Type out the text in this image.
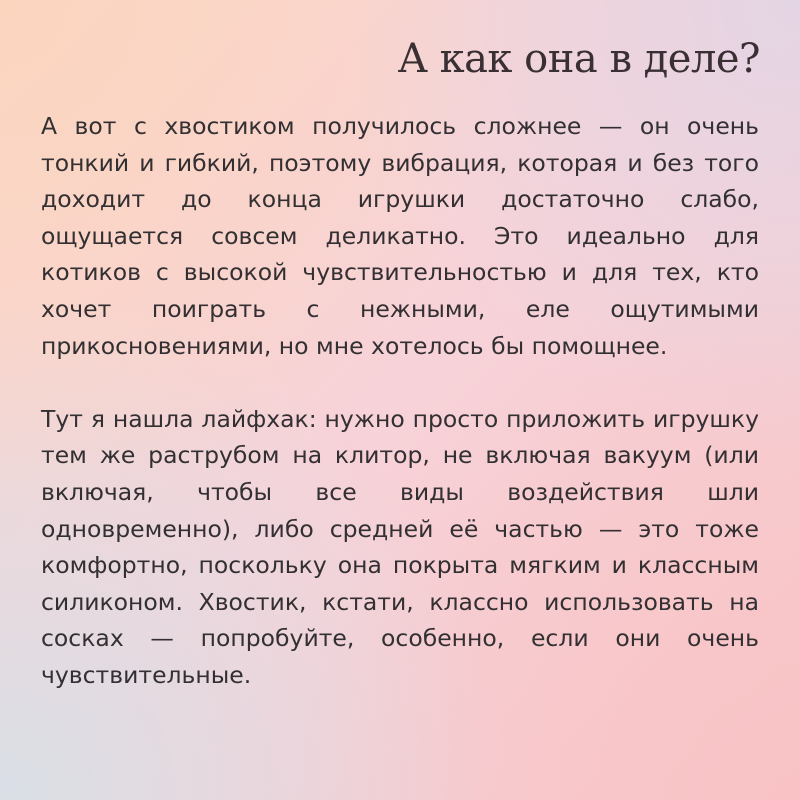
А как она в деле?

А вот с хвостиком получилось сложнее — он очень тонкий и гибкий, поэтому вибрация, которая и без того доходит до конца игрушки достаточно слабо, ощущается совсем деликатно. Это идеально для котиков с высокой чувствительностью и для тех, кто хочет поиграть с нежными, еле ощутимыми прикосновениями, но мне хотелось бы помощнее.

Тут я нашла лайфхак: нужно просто приложить игрушку тем же раструбом на клитор, не включая вакуум (или включая, чтобы все виды воздействия шли одновременно), либо средней её частью — это тоже комфортно, поскольку она покрыта мягким и классным силиконом. Хвостик, кстати, классно использовать на сосках — попробуйте, особенно, если они очень чувствительные.
